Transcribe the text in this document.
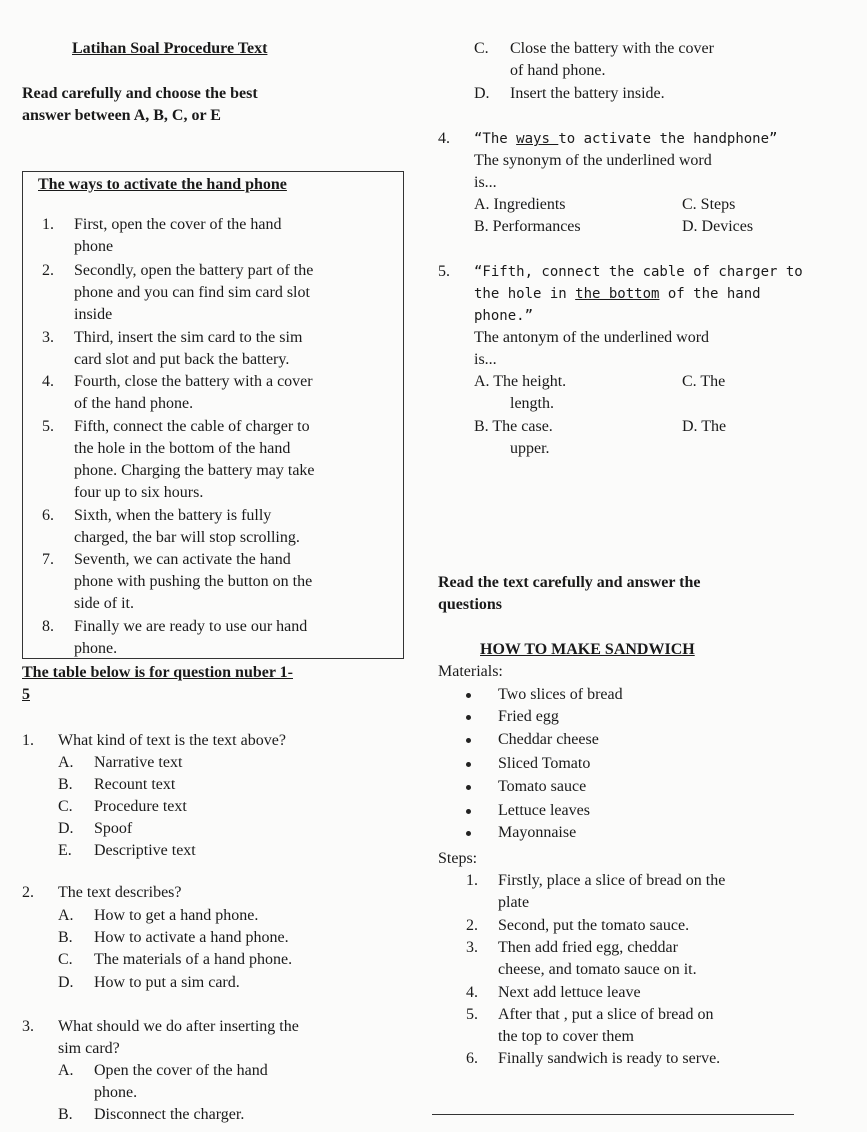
Latihan Soal Procedure Text
Read carefully and choose the best
answer between A, B, C, or E
The ways to activate the hand phone
1. First, open the cover of the hand
phone
2. Secondly, open the battery part of the
phone and you can find sim card slot
inside
3. Third, insert the sim card to the sim
card slot and put back the battery.
4. Fourth, close the battery with a cover
of the hand phone.
5. Fifth, connect the cable of charger to
the hole in the bottom of the hand
phone. Charging the battery may take
four up to six hours.
6. Sixth, when the battery is fully
charged, the bar will stop scrolling.
7. Seventh, we can activate the hand
phone with pushing the button on the
side of it.
8. Finally we are ready to use our hand
phone.
The table below is for question nuber 1-
5
1. What kind of text is the text above?
A. Narrative text
B. Recount text
C. Procedure text
D. Spoof
E. Descriptive text
2. The text describes?
A. How to get a hand phone.
B. How to activate a hand phone.
C. The materials of a hand phone.
D. How to put a sim card.
3. What should we do after inserting the
sim card?
A. Open the cover of the hand
phone.
B. Disconnect the charger.
C. Close the battery with the cover
of hand phone.
D. Insert the battery inside.
4. “The ways to activate the handphone”
The synonym of the underlined word
is...
A. Ingredients	C. Steps
B. Performances	D. Devices
5. “Fifth, connect the cable of charger to
the hole in the bottom of the hand
phone.”
The antonym of the underlined word
is...
A. The height.
length.
C. The
B. The case.
upper.
D. The
Read the text carefully and answer the
questions
HOW TO MAKE SANDWICH
Materials:
Two slices of bread
Fried egg
Cheddar cheese
Sliced Tomato
Tomato sauce
Lettuce leaves
Mayonnaise
Steps:
1. Firstly, place a slice of bread on the
plate
2. Second, put the tomato sauce.
3. Then add fried egg, cheddar
cheese, and tomato sauce on it.
4. Next add lettuce leave
5. After that , put a slice of bread on
the top to cover them
6. Finally sandwich is ready to serve.
